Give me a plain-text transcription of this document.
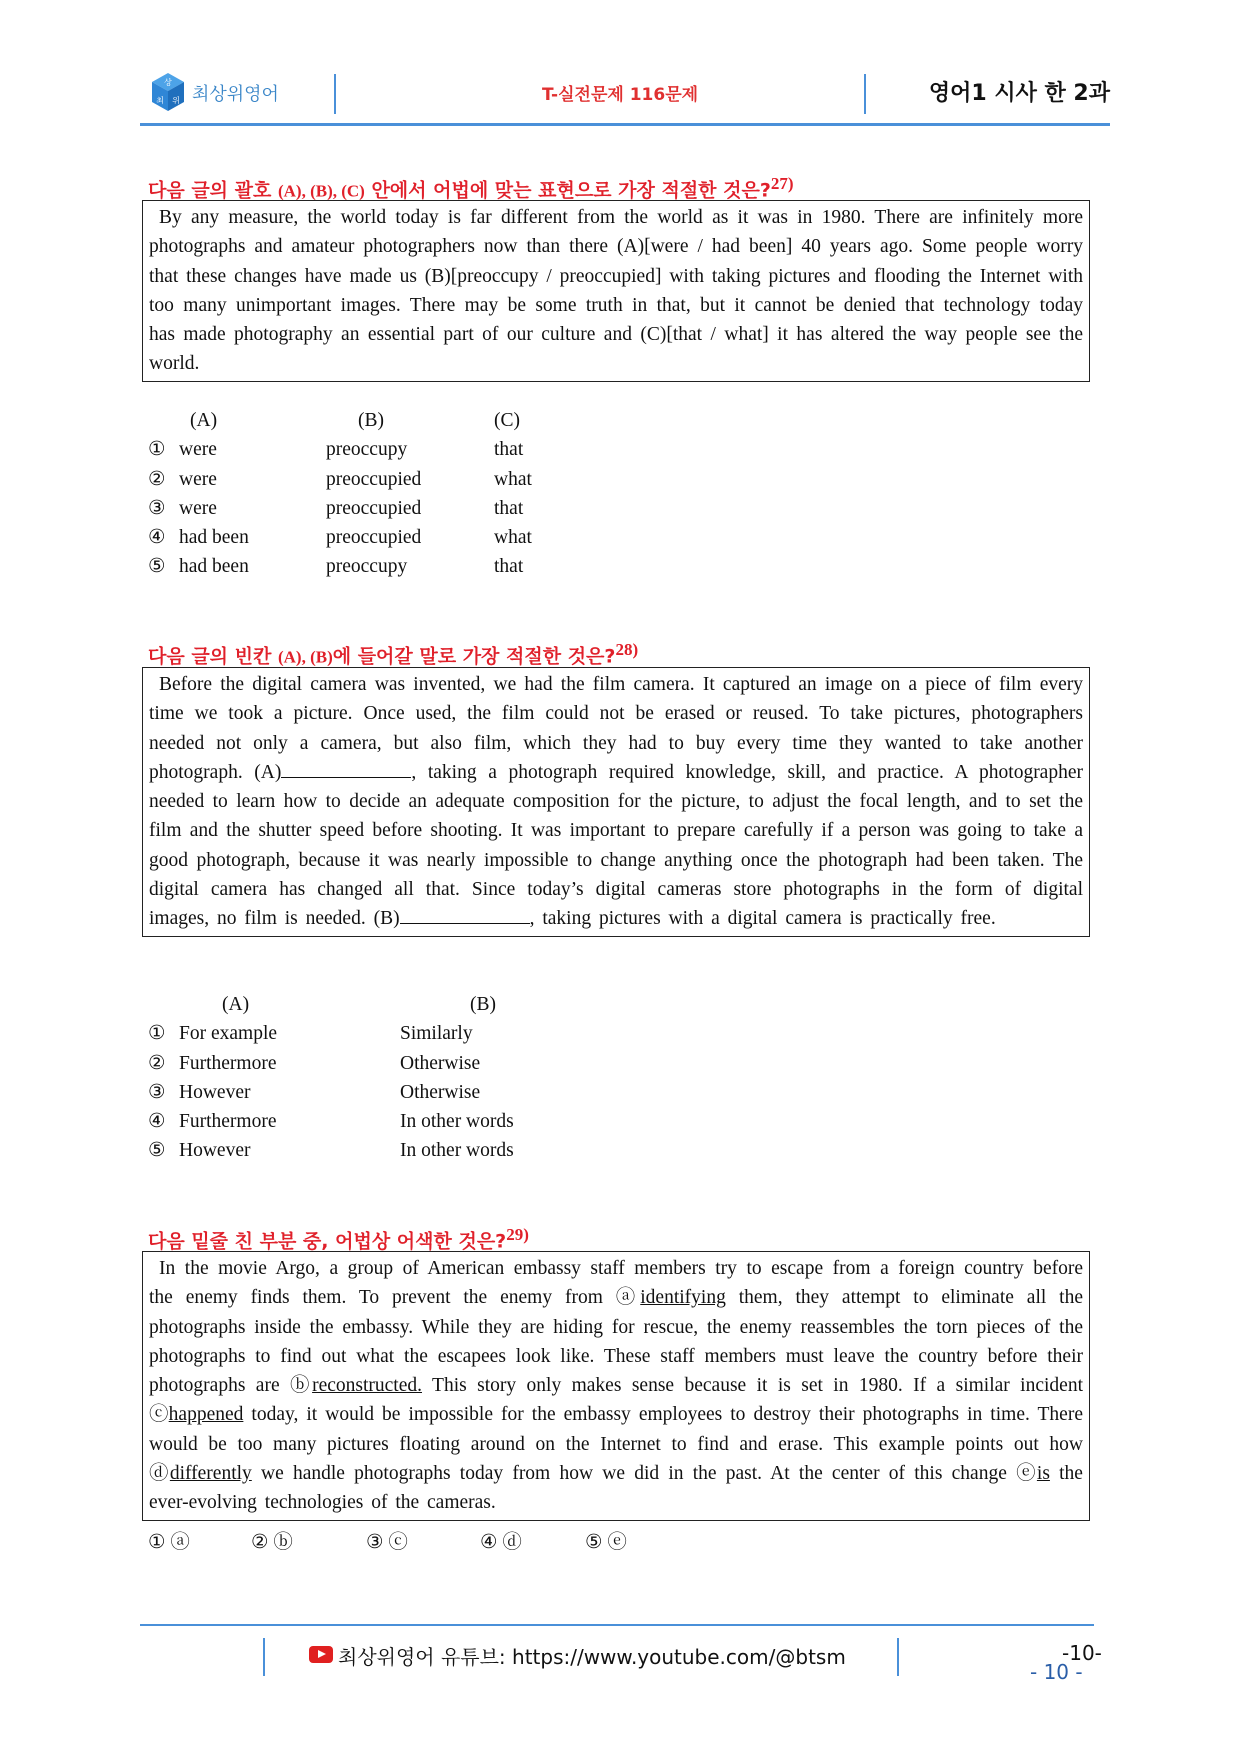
상
최 위 최상위영어	T-실전문제 116문제	영어1 시사 한 2과
다음 글의 괄호 (A), (B), (C) 안에서 어법에 맞는 표현으로 가장 적절한 것은?$^{27)}$

By any measure, the world today is far different from the world as it was in 1980. There are infinitely more photographs and amateur photographers now than there (A)[were / had been] 40 years ago. Some people worry that these changes have made us (B)[preoccupy / preoccupied] with taking pictures and flooding the Internet with too many unimportant images. There may be some truth in that, but it cannot be denied that technology today has made photography an essential part of our culture and (C)[that / what] it has altered the way people see the world.

(A)	(B)	(C)
① were	preoccupy	that
② were	preoccupied	what
③ were	preoccupied	that
④ had been	preoccupied	what
⑤ had been	preoccupy	that
다음 글의 빈칸 (A), (B)에 들어갈 말로 가장 적절한 것은?$^{28)}$

Before the digital camera was invented, we had the film camera. It captured an image on a piece of film every time we took a picture. Once used, the film could not be erased or reused. To take pictures, photographers needed not only a camera, but also film, which they had to buy every time they wanted to take another photograph. (A)	, taking a photograph required knowledge, skill, and practice. A photographer needed to learn how to decide an adequate composition for the picture, to adjust the focal length, and to set the film and the shutter speed before shooting. It was important to prepare carefully if a person was going to take a good photograph, because it was nearly impossible to change anything once the photograph had been taken. The digital camera has changed all that. Since today’s digital cameras store photographs in the form of digital images, no film is needed. (B)	, taking pictures with a digital camera is practically free.

(A)	(B)
① For example	Similarly
② Furthermore	Otherwise
③ However	Otherwise
④ Furthermore	In other words
⑤ However	In other words
다음 밑줄 친 부분 중, 어법상 어색한 것은?$^{29)}$

In the movie Argo, a group of American embassy staff members try to escape from a foreign country before the enemy finds them. To prevent the enemy from ⓐidentifying them, they attempt to eliminate all the photographs inside the embassy. While they are hiding for rescue, the enemy reassembles the torn pieces of the photographs to find out what the escapees look like. These staff members must leave the country before their photographs are ⓑreconstructed. This story only makes sense because it is set in 1980. If a similar incident ⓒhappened today, it would be impossible for the embassy employees to destroy their photographs in time. There would be too many pictures floating around on the Internet to find and erase. This example points out how ⓓdifferently we handle photographs today from how we did in the past. At the center of this change ⓔis the ever-evolving technologies of the cameras.

① ⓐ	② ⓑ	③ ⓒ	④ ⓓ	⑤ ⓔ
최상위영어 유튜브: https://www.youtube.com/@btsm	-10-
- 10 -
